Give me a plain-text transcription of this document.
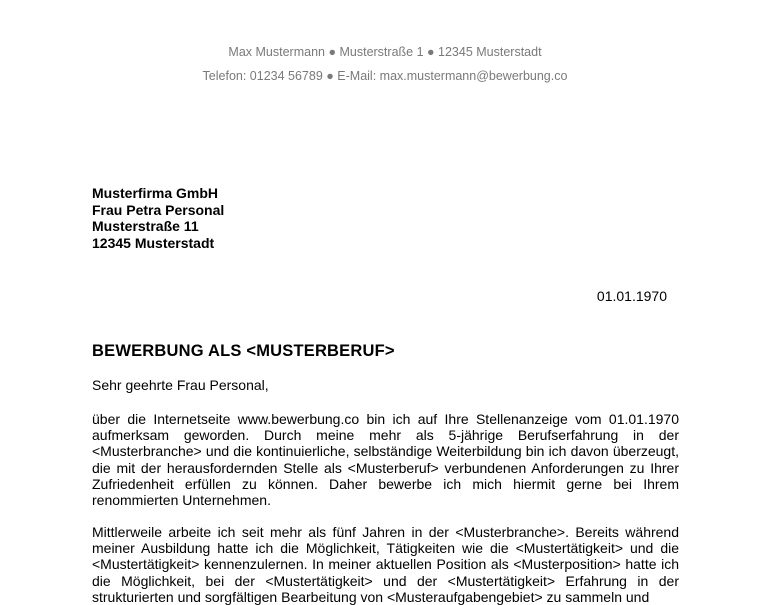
Max Mustermann ● Musterstraße 1 ● 12345 Musterstadt
Telefon: 01234 56789 ● E-Mail: max.mustermann@bewerbung.co
Musterfirma GmbH
Frau Petra Personal
Musterstraße 11
12345 Musterstadt
01.01.1970
BEWERBUNG ALS <MUSTERBERUF>
Sehr geehrte Frau Personal,
über die Internetseite www.bewerbung.co bin ich auf Ihre Stellenanzeige vom 01.01.1970 aufmerksam geworden. Durch meine mehr als 5-jährige Berufserfahrung in der <Musterbranche> und die kontinuierliche, selbständige Weiterbildung bin ich davon überzeugt, die mit der herausfordernden Stelle als <Musterberuf> verbundenen Anforderungen zu Ihrer Zufriedenheit erfüllen zu können. Daher bewerbe ich mich hiermit gerne bei Ihrem renommierten Unternehmen.
Mittlerweile arbeite ich seit mehr als fünf Jahren in der <Musterbranche>. Bereits während meiner Ausbildung hatte ich die Möglichkeit, Tätigkeiten wie die <Mustertätigkeit> und die <Mustertätigkeit> kennenzulernen. In meiner aktuellen Position als <Musterposition> hatte ich die Möglichkeit, bei der <Mustertätigkeit> und der <Mustertätigkeit> Erfahrung in der strukturierten und sorgfältigen Bearbeitung von <Musteraufgabengebiet> zu sammeln und
